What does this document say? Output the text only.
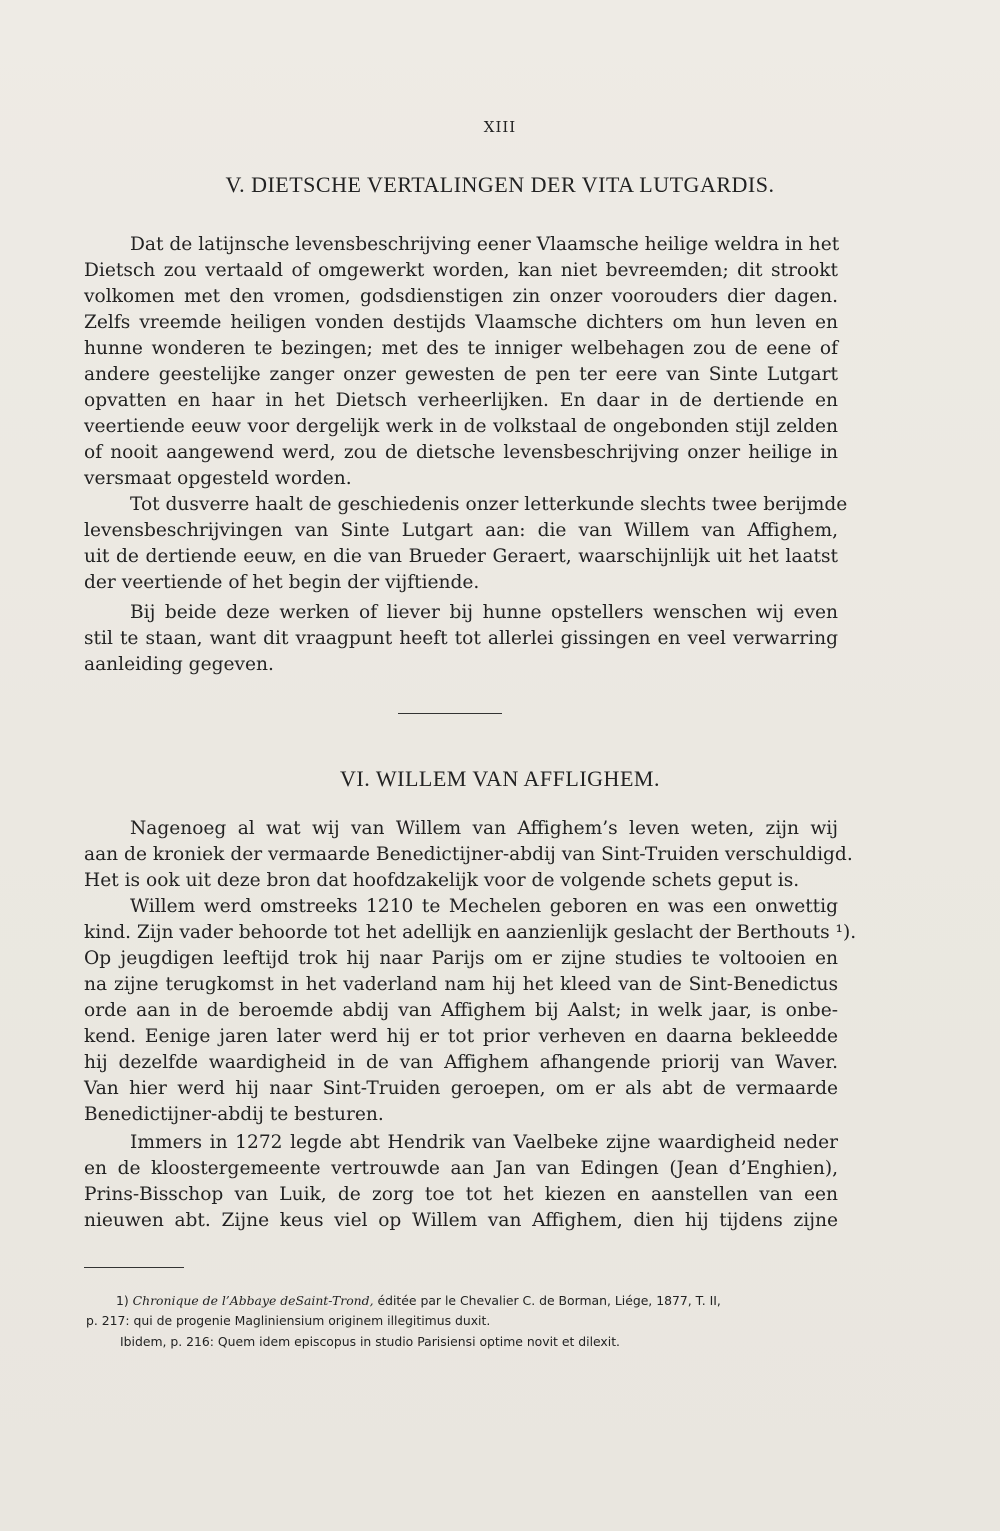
XIII
V. DIETSCHE VERTALINGEN DER VITA LUTGARDIS.
Dat de latijnsche levensbeschrijving eener Vlaamsche heilige weldra in het
Dietsch zou vertaald of omgewerkt worden, kan niet bevreemden; dit strookt
volkomen met den vromen, godsdienstigen zin onzer voorouders dier dagen.
Zelfs vreemde heiligen vonden destijds Vlaamsche dichters om hun leven en
hunne wonderen te bezingen; met des te inniger welbehagen zou de eene of
andere geestelijke zanger onzer gewesten de pen ter eere van Sinte Lutgart
opvatten en haar in het Dietsch verheerlijken. En daar in de dertiende en
veertiende eeuw voor dergelijk werk in de volkstaal de ongebonden stijl zelden
of nooit aangewend werd, zou de dietsche levensbeschrijving onzer heilige in
versmaat opgesteld worden.
Tot dusverre haalt de geschiedenis onzer letterkunde slechts twee berijmde
levensbeschrijvingen van Sinte Lutgart aan: die van Willem van Affighem,
uit de dertiende eeuw, en die van Brueder Geraert, waarschijnlijk uit het laatst
der veertiende of het begin der vijftiende.
Bij beide deze werken of liever bij hunne opstellers wenschen wij even
stil te staan, want dit vraagpunt heeft tot allerlei gissingen en veel verwarring
aanleiding gegeven.
VI. WILLEM VAN AFFLIGHEM.
Nagenoeg al wat wij van Willem van Affighem’s leven weten, zijn wij
aan de kroniek der vermaarde Benedictijner-abdij van Sint-Truiden verschuldigd.
Het is ook uit deze bron dat hoofdzakelijk voor de volgende schets geput is.
Willem werd omstreeks 1210 te Mechelen geboren en was een onwettig
kind. Zijn vader behoorde tot het adellijk en aanzienlijk geslacht der Berthouts ¹).
Op jeugdigen leeftijd trok hij naar Parijs om er zijne studies te voltooien en
na zijne terugkomst in het vaderland nam hij het kleed van de Sint-Benedictus
orde aan in de beroemde abdij van Affighem bij Aalst; in welk jaar, is onbe-
kend. Eenige jaren later werd hij er tot prior verheven en daarna bekleedde
hij dezelfde waardigheid in de van Affighem afhangende priorij van Waver.
Van hier werd hij naar Sint-Truiden geroepen, om er als abt de vermaarde
Benedictijner-abdij te besturen.
Immers in 1272 legde abt Hendrik van Vaelbeke zijne waardigheid neder
en de kloostergemeente vertrouwde aan Jan van Edingen (Jean d’Enghien),
Prins-Bisschop van Luik, de zorg toe tot het kiezen en aanstellen van een
nieuwen abt. Zijne keus viel op Willem van Affighem, dien hij tijdens zijne
1) Chronique de l’Abbaye deSaint-Trond, éditée par le Chevalier C. de Borman, Liége, 1877, T. II,
p. 217: qui de progenie Magliniensium originem illegitimus duxit.
Ibidem, p. 216: Quem idem episcopus in studio Parisiensi optime novit et dilexit.
